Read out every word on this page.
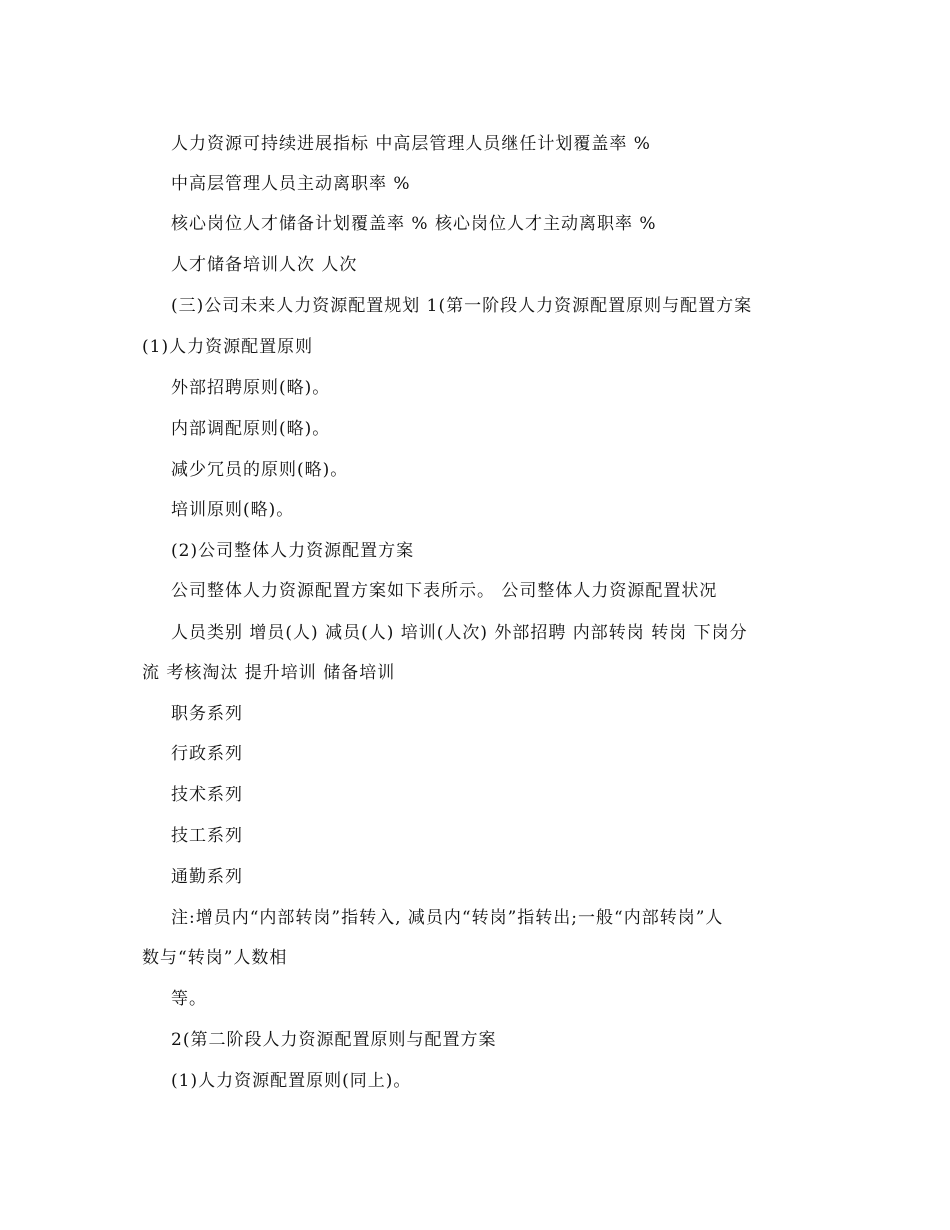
人力资源可持续进展指标 中高层管理人员继任计划覆盖率 %
中高层管理人员主动离职率 %
核心岗位人才储备计划覆盖率 % 核心岗位人才主动离职率 %
人才储备培训人次 人次
(三)公司未来人力资源配置规划 1(第一阶段人力资源配置原则与配置方案
(1)人力资源配置原则
外部招聘原则(略)。
内部调配原则(略)。
减少冗员的原则(略)。
培训原则(略)。
(2)公司整体人力资源配置方案
公司整体人力资源配置方案如下表所示。 公司整体人力资源配置状况
人员类别 增员(人) 减员(人) 培训(人次) 外部招聘 内部转岗 转岗 下岗分
流 考核淘汰 提升培训 储备培训
职务系列
行政系列
技术系列
技工系列
通勤系列
注:增员内“内部转岗”指转入, 减员内“转岗”指转出;一般“内部转岗”人
数与“转岗”人数相
等。
2(第二阶段人力资源配置原则与配置方案
(1)人力资源配置原则(同上)。
